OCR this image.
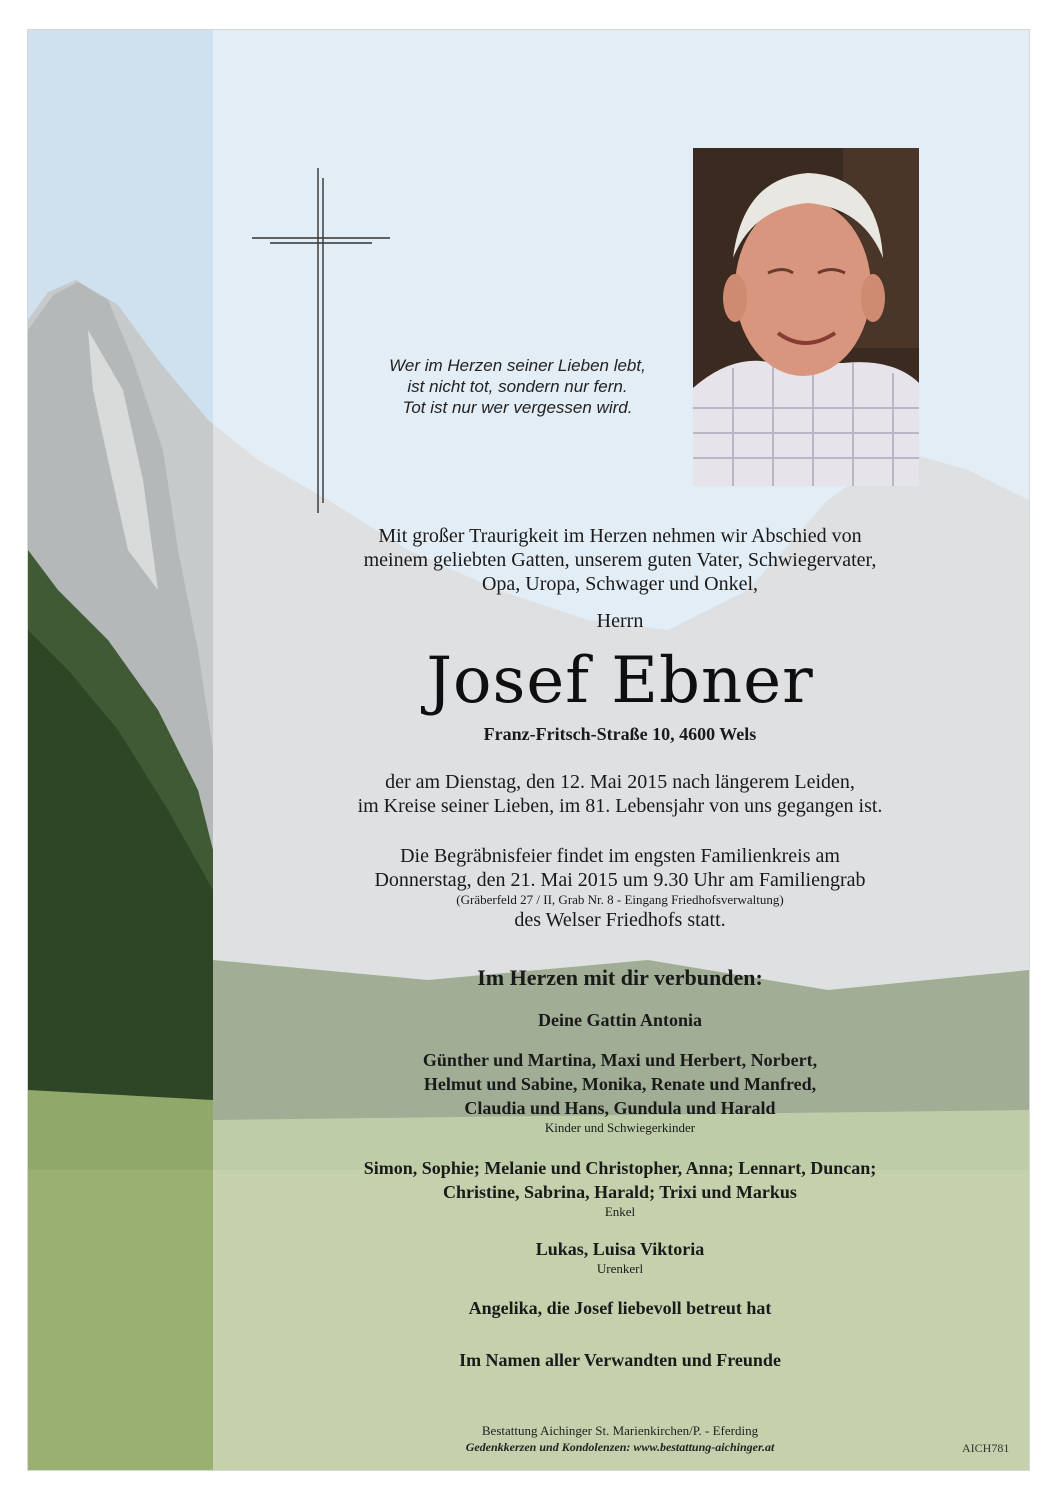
Wer im Herzen seiner Lieben lebt,
ist nicht tot, sondern nur fern.
Tot ist nur wer vergessen wird.
Mit großer Traurigkeit im Herzen nehmen wir Abschied von
meinem geliebten Gatten, unserem guten Vater, Schwiegervater,
Opa, Uropa, Schwager und Onkel,
Herrn
Josef Ebner
Franz-Fritsch-Straße 10, 4600 Wels
der am Dienstag, den 12. Mai 2015 nach längerem Leiden,
im Kreise seiner Lieben, im 81. Lebensjahr von uns gegangen ist.
Die Begräbnisfeier findet im engsten Familienkreis am
Donnerstag, den 21. Mai 2015 um 9.30 Uhr am Familiengrab
(Gräberfeld 27 / II, Grab Nr. 8 - Eingang Friedhofsverwaltung)
des Welser Friedhofs statt.
Im Herzen mit dir verbunden:
Deine Gattin Antonia
Günther und Martina, Maxi und Herbert, Norbert,
Helmut und Sabine, Monika, Renate und Manfred,
Claudia und Hans, Gundula und Harald
Kinder und Schwiegerkinder
Simon, Sophie; Melanie und Christopher, Anna; Lennart, Duncan;
Christine, Sabrina, Harald; Trixi und Markus
Enkel
Lukas, Luisa Viktoria
Urenkerl
Angelika, die Josef liebevoll betreut hat
Im Namen aller Verwandten und Freunde
Bestattung Aichinger St. Marienkirchen/P. - Eferding
Gedenkkerzen und Kondolenzen: www.bestattung-aichinger.at	AICH781
